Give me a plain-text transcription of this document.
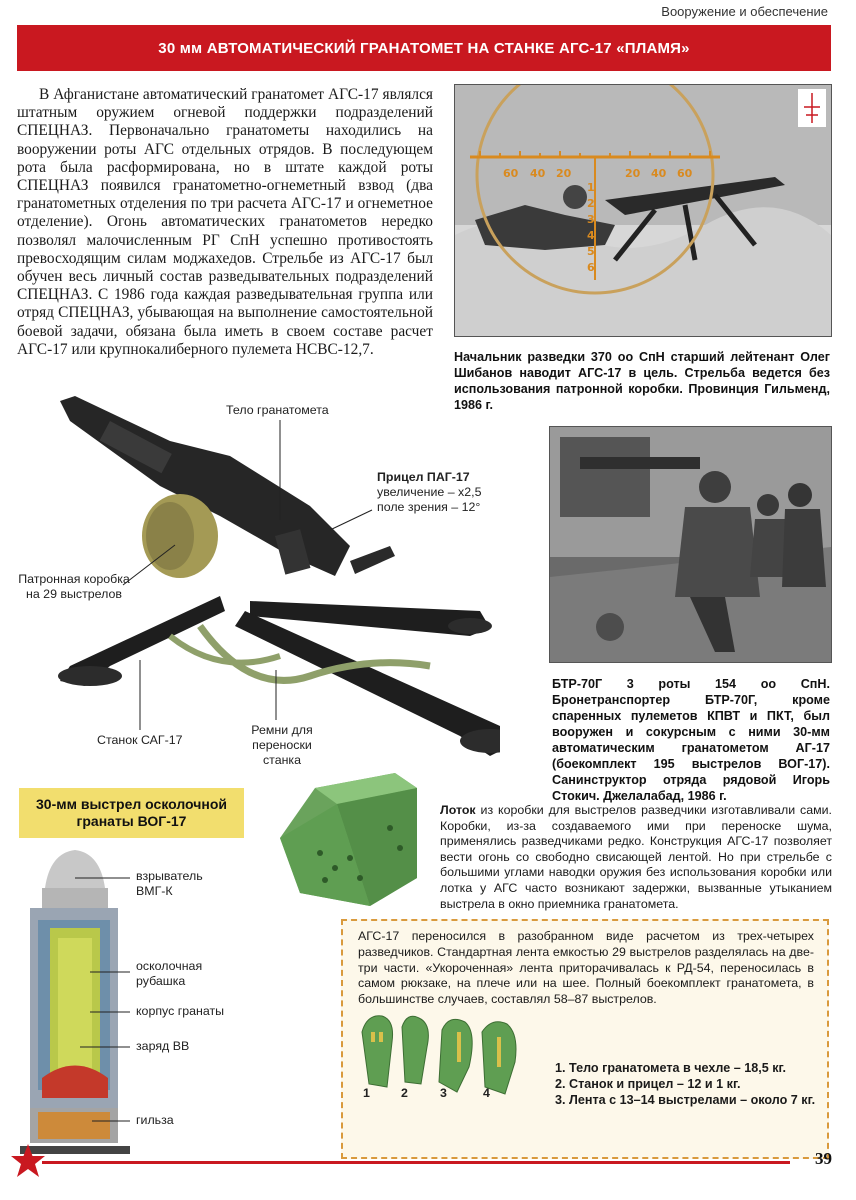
Вооружение и обеспечение
30 мм АВТОМАТИЧЕСКИЙ ГРАНАТОМЕТ НА СТАНКЕ АГС-17 «ПЛАМЯ»
В Афганистане автоматический гранатомет АГС-17 являлся штатным оружием огневой поддержки подразделений СПЕЦНАЗ. Первоначально гранатометы находились на вооружении роты АГС отдельных отрядов. В последующем рота была расформирована, но в штате каждой роты СПЕЦНАЗ появился гранатометно-огнеметный взвод (два гранатометных отделения по три расчета АГС-17 и огнеметное отделение). Огонь автоматических гранатометов нередко позволял малочисленным РГ СпН успешно противостоять превосходящим силам моджахедов. Стрельбе из АГС-17 был обучен весь личный состав разведывательных подразделений СПЕЦНАЗ. С 1986 года каждая разведывательная группа или отряд СПЕЦНАЗ, убывающая на выполнение самостоятельной боевой задачи, обязана была иметь в своем составе расчет АГС-17 или крупнокалиберного пулемета НСВС-12,7.
60 40 20	20 40 60
1
2
3
4
5
6
Начальник разведки 370 оо СпН старший лейтенант Олег Шибанов наводит АГС-17 в цель. Стрельба ведется без использования патронной коробки. Провинция Гильменд, 1986 г.
Тело гранатомета
Прицел ПАГ-17
увеличение – х2,5
поле зрения – 12°
Патронная коробка на 29 выстрелов
Станок САГ-17
Ремни для переноски станка
БТР-70Г 3 роты 154 оо СпН. Бронетранспортер БТР-70Г, кроме спаренных пулеметов КПВТ и ПКТ, был вооружен и сокурсным с ними 30-мм автоматическим гранатометом АГ-17 (боекомплект 195 выстрелов ВОГ-17). Санинструктор отряда рядовой Игорь Стокич. Джелалабад, 1986 г.
Лоток из коробки для выстрелов разведчики изготавливали сами. Коробки, из-за создаваемого ими при переноске шума, применялись разведчиками редко. Конструкция АГС-17 позволяет вести огонь со свободно свисающей лентой. Но при стрельбе с большими углами наводки оружия без использования коробки или лотка у АГС часто возникают задержки, вызванные утыканием выстрела в окно приемника гранатомета.
30-мм выстрел осколочной гранаты ВОГ-17
взрыватель ВМГ-К
осколочная рубашка
корпус гранаты
заряд ВВ
гильза
АГС-17 переносился в разобранном виде расчетом из трех-четырех разведчиков. Стандартная лента емкостью 29 выстрелов разделялась на две-три части. «Укороченная» лента приторачивалась к РД-54, переносилась в самом рюкзаке, на плече или на шее. Полный боекомплект гранатомета, в большинстве случаев, составлял 58–87 выстрелов.
1	2	3	4
1. Тело гранатомета в чехле – 18,5 кг.
2. Станок и прицел – 12 и 1 кг.
3. Лента с 13–14 выстрелами – около 7 кг.
39
